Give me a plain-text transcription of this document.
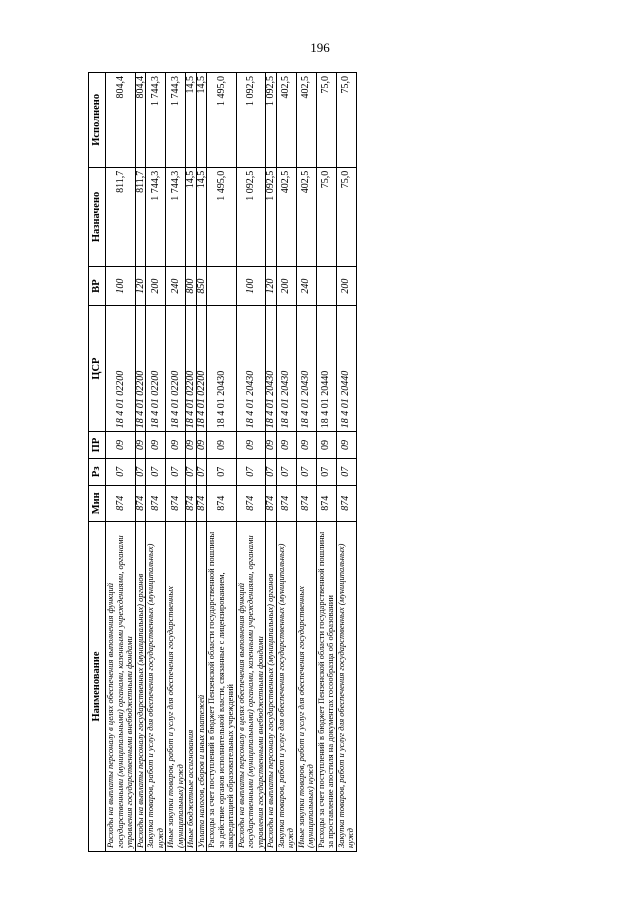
196
Наименование	Мин	Рз	ПР	ЦСР	ВР	Назначено	Исполнено
Расходы на выплаты персоналу в целях обеспечения выполнения функций государственными (муниципальными) органами, казенными учреждениями, органами управления государственными внебюджетными фондами	874	07	09	18 4 01 02200	100	811,7	804,4
Расходы на выплаты персоналу государственных (муниципальных) органов	874	07	09	18 4 01 02200	120	811,7	804,4
Закупка товаров, работ и услуг для обеспечения государственных (муниципальных) нужд	874	07	09	18 4 01 02200	200	1 744,3	1 744,3
Иные закупки товаров, работ и услуг для обеспечения государственных (муниципальных) нужд	874	07	09	18 4 01 02200	240	1 744,3	1 744,3
Иные бюджетные ассигнования	874	07	09	18 4 01 02200	800	14,5	14,5
Уплата налогов, сборов и иных платежей	874	07	09	18 4 01 02200	850	14,5	14,5
Расходы за счет поступлений в бюджет Пензенской области государственной пошлины за действие органов исполнительной власти, связанные с лицензированием, аккредитацией образовательных учреждений	874	07	09	18 4 01 20430		1 495,0	1 495,0
Расходы на выплаты персоналу в целях обеспечения выполнения функций государственными (муниципальными) органами, казенными учреждениями, органами управления государственными внебюджетными фондами	874	07	09	18 4 01 20430	100	1 092,5	1 092,5
Расходы на выплаты персоналу государственных (муниципальных) органов	874	07	09	18 4 01 20430	120	1 092,5	1 092,5
Закупка товаров, работ и услуг для обеспечения государственных (муниципальных) нужд	874	07	09	18 4 01 20430	200	402,5	402,5
Иные закупки товаров, работ и услуг для обеспечения государственных (муниципальных) нужд	874	07	09	18 4 01 20430	240	402,5	402,5
Расходы за счет поступлений в бюджет Пензенской области государственной пошлины за проставление апостиля на документах госообразца об образовании	874	07	09	18 4 01 20440		75,0	75,0
Закупка товаров, работ и услуг для обеспечения государственных (муниципальных) нужд	874	07	09	18 4 01 20440	200	75,0	75,0
